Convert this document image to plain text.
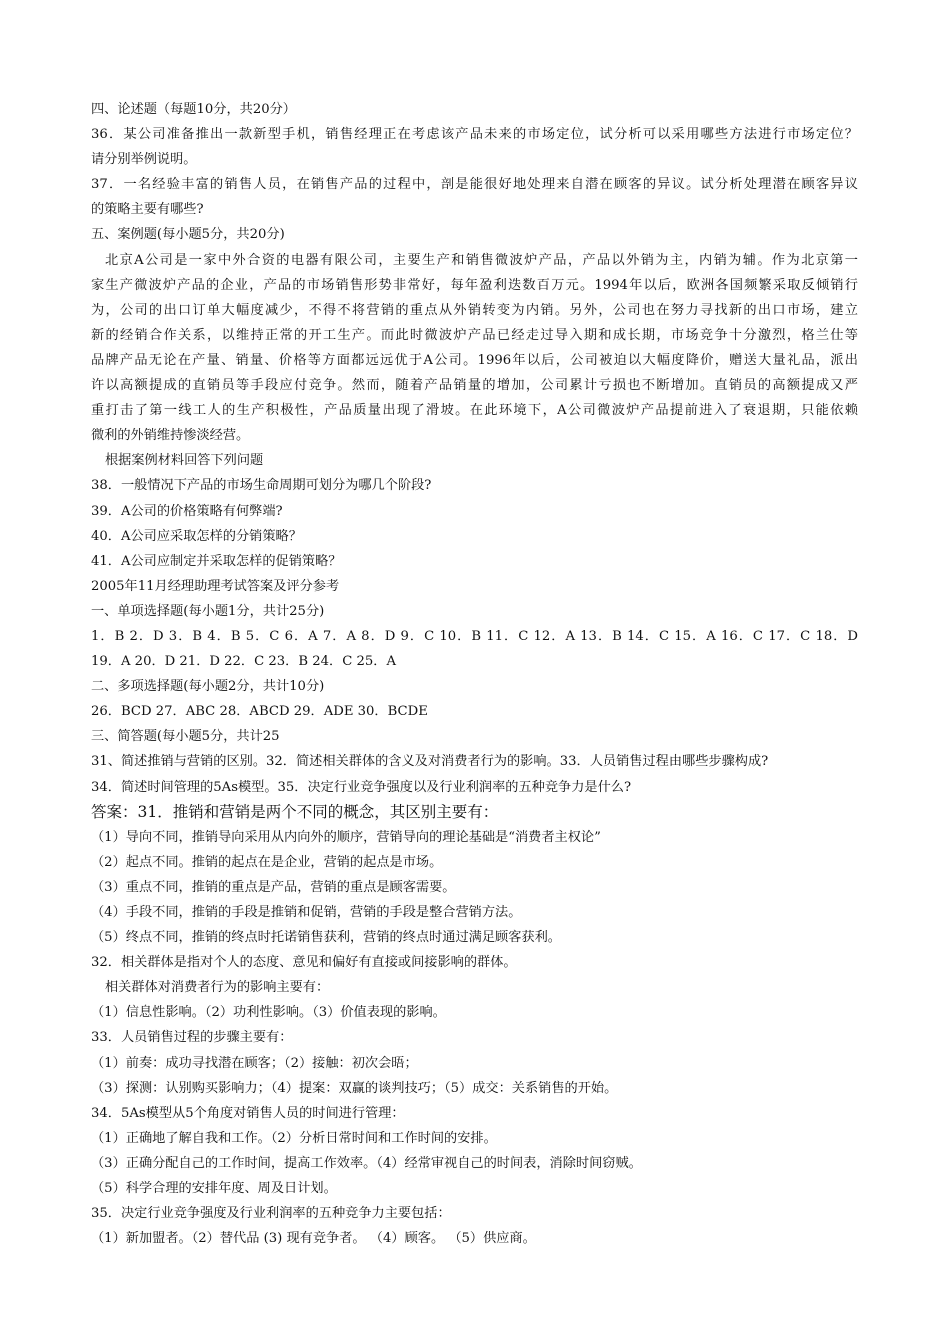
四、论述题（每题10分，共20分）
36．某公司准备推出一款新型手机，销售经理正在考虑该产品未来的市场定位，试分析可以采用哪些方法进行市场定位？
请分别举例说明。
37．一名经验丰富的销售人员，在销售产品的过程中，剖是能很好地处理来自潜在顾客的异议。试分析处理潜在顾客异议
的策略主要有哪些?
五、案例题(每小题5分，共20分)
北京A公司是一家中外合资的电器有限公司，主要生产和销售微波炉产品，产品以外销为主，内销为辅。作为北京第一
家生产微波炉产品的企业，产品的市场销售形势非常好，每年盈利迭数百万元。1994年以后，欧洲各国频繁采取反倾销行
为，公司的出口订单大幅度减少，不得不将营销的重点从外销转变为内销。另外，公司也在努力寻找新的出口市场，建立
新的经销合作关系，以维持正常的开工生产。而此时微波炉产品已经走过导入期和成长期，市场竞争十分激烈，格兰仕等
品牌产品无论在产量、销量、价格等方面都远远优于A公司。1996年以后，公司被迫以大幅度降价，赠送大量礼品，派出
许以高额提成的直销员等手段应付竞争。然而，随着产品销量的增加，公司累计亏损也不断增加。直销员的高额提成又严
重打击了第一线工人的生产积极性，产品质量出现了滑坡。在此环境下，A公司微波炉产品提前进入了衰退期，只能依赖
微利的外销维持惨淡经营。
根据案例材料回答下列问题
38．一般情况下产品的市场生命周期可划分为哪几个阶段?
39．A公司的价格策略有何弊端?
40．A公司应采取怎样的分销策略？
41．A公司应制定并采取怎样的促销策略？
2005年11月经理助理考试答案及评分参考
一、单项选择题(每小题1分，共计25分)
1．B 2．D 3．B 4．B 5．C 6．A 7．A 8．D 9．C 10．B 11．C 12．A 13．B 14．C 15．A 16．C 17．C 18．D
19．A 20．D 21．D 22．C 23．B 24．C 25．A
二、多项选择题(每小题2分，共计10分)
26．BCD 27．ABC 28．ABCD 29．ADE 30．BCDE
三、简答题(每小题5分，共计25
31、简述推销与营销的区别。32．简述相关群体的含义及对消费者行为的影响。33．人员销售过程由哪些步骤构成?
34．简述时间管理的5As模型。35．决定行业竞争强度以及行业利润率的五种竞争力是什么?
答案：31．推销和营销是两个不同的概念，其区别主要有：
（1）导向不同，推销导向采用从内向外的顺序，营销导向的理论基础是“消费者主权论”
（2）起点不同。推销的起点在是企业，营销的起点是市场。
（3）重点不同，推销的重点是产品，营销的重点是顾客需要。
（4）手段不同，推销的手段是推销和促销，营销的手段是整合营销方法。
（5）终点不同，推销的终点时托诺销售获利，营销的终点时通过满足顾客获利。
32．相关群体是指对个人的态度、意见和偏好有直接或间接影响的群体。
相关群体对消费者行为的影响主要有：
（1）信息性影响。（2）功利性影响。（3）价值表现的影响。
33．人员销售过程的步骤主要有：
（1）前奏：成功寻找潜在顾客；（2）接触：初次会晤；
（3）探测：认别购买影响力；（4）提案：双赢的谈判技巧；（5）成交：关系销售的开始。
34．5As模型从5个角度对销售人员的时间进行管理：
（1）正确地了解自我和工作。（2）分析日常时间和工作时间的安排。
（3）正确分配自己的工作时间，提高工作效率。（4）经常审视自己的时间表，消除时间窃贼。
（5）科学合理的安排年度、周及日计划。
35．决定行业竞争强度及行业利润率的五种竞争力主要包括：
（1）新加盟者。（2）替代品 (3) 现有竞争者。 （4）顾客。 （5）供应商。
